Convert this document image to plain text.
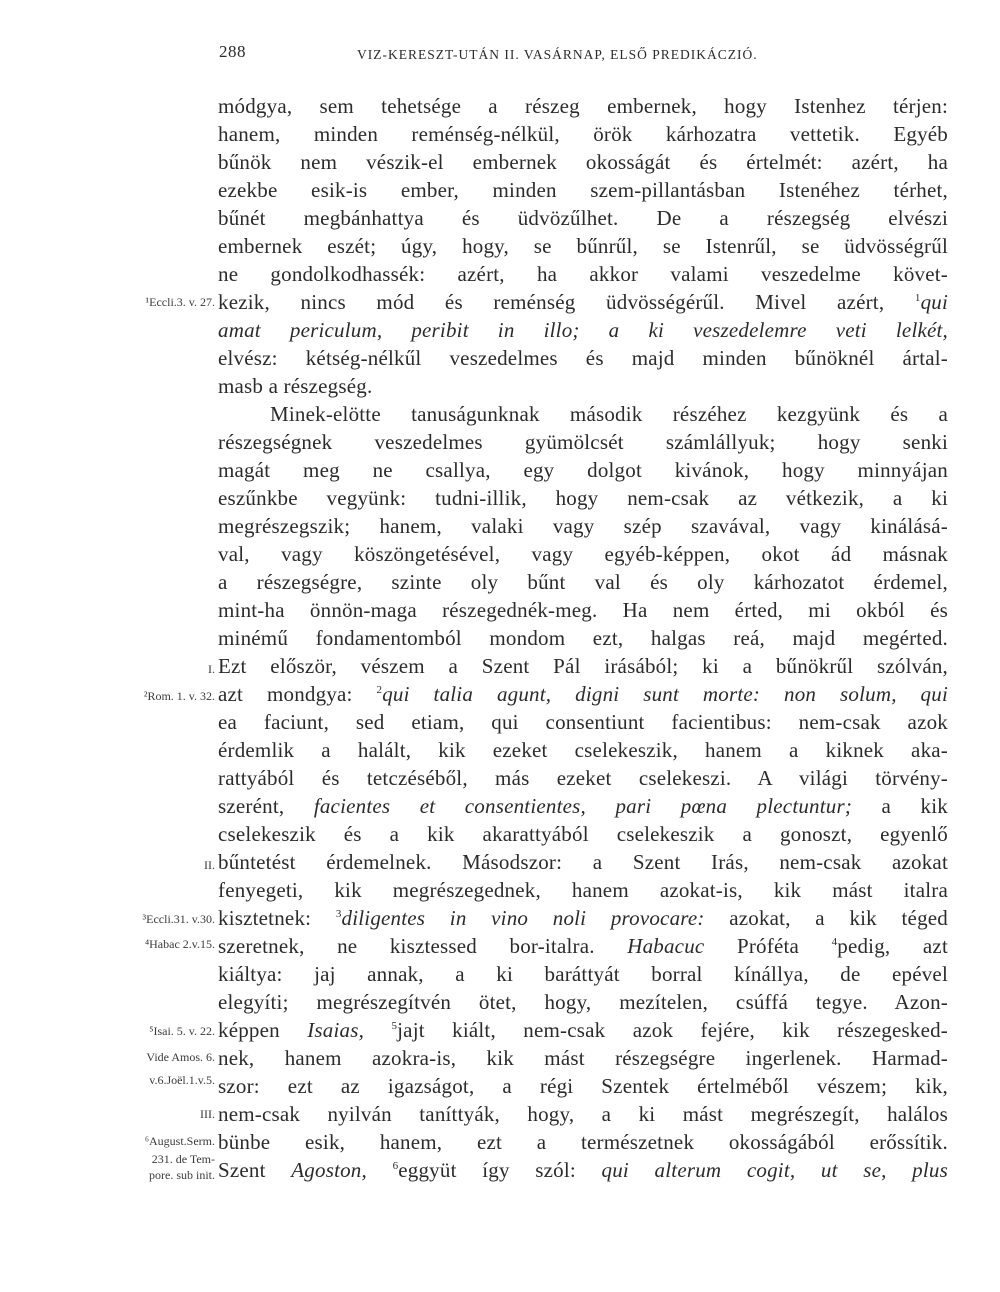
288	VIZ-KERESZT-UTÁN II. VASÁRNAP, ELSŐ PREDIKÁCZIÓ.
módgya, sem tehetsége a részeg embernek, hogy Istenhez térjen:
hanem, minden reménség-nélkül, örök kárhozatra vettetik. Egyéb
bűnök nem vészik-el embernek okosságát és értelmét: azért, ha
ezekbe esik-is ember, minden szem-pillantásban Istenéhez térhet,
bűnét megbánhattya és üdvözűlhet. De a részegség elvészi
embernek eszét; úgy, hogy, se bűnrűl, se Istenrűl, se üdvösségrűl
ne gondolkodhassék: azért, ha akkor valami veszedelme követ-
kezik, nincs mód és reménség üdvösségérűl. Mivel azért, $^1$qui
amat periculum, peribit in illo; a ki veszedelemre veti lelkét,
elvész: kétség-nélkűl veszedelmes és majd minden bűnöknél ártal-
masb a részegség.
Minek-elötte tanuságunknak második részéhez kezgyünk és a
részegségnek veszedelmes gyümölcsét számlállyuk; hogy senki
magát meg ne csallya, egy dolgot kivánok, hogy minnyájan
eszűnkbe vegyünk: tudni-illik, hogy nem-csak az vétkezik, a ki
megrészegszik; hanem, valaki vagy szép szavával, vagy kinálásá-
val, vagy köszöngetésével, vagy egyéb-képpen, okot ád másnak
a részegségre, szinte oly bűnt val és oly kárhozatot érdemel,
mint-ha önnön-maga részegednék-meg. Ha nem érted, mi okból és
minémű fondamentomból mondom ezt, halgas reá, majd megérted.
Ezt először, vészem a Szent Pál irásából; ki a bűnökrűl szólván,
azt mondgya: $^2$qui talia agunt, digni sunt morte: non solum, qui
ea faciunt, sed etiam, qui consentiunt facientibus: nem-csak azok
érdemlik a halált, kik ezeket cselekeszik, hanem a kiknek aka-
rattyából és tetczéséből, más ezeket cselekeszi. A világi törvény-
szerént, facientes et consentientes, pari pœna plectuntur; a kik
cselekeszik és a kik akarattyából cselekeszik a gonoszt, egyenlő
bűntetést érdemelnek. Másodszor: a Szent Irás, nem-csak azokat
fenyegeti, kik megrészegednek, hanem azokat-is, kik mást italra
kisztetnek: $^3$diligentes in vino noli provocare: azokat, a kik téged
szeretnek, ne kisztessed bor-italra. Habacuc Próféta $^4$pedig, azt
kiáltya: jaj annak, a ki baráttyát borral kínállya, de epével
elegyíti; megrészegítvén ötet, hogy, mezítelen, csúffá tegye. Azon-
képpen Isaias, $^5$jajt kiált, nem-csak azok fejére, kik részegesked-
nek, hanem azokra-is, kik mást részegségre ingerlenek. Harmad-
szor: ezt az igazságot, a régi Szentek értelméből vészem; kik,
nem-csak nyilván taníttyák, hogy, a ki mást megrészegít, halálos
bünbe esik, hanem, ezt a természetnek okosságából erőssítik.
Szent Agoston, $^6$eggyüt így szól: qui alterum cogit, ut se, plus
¹Eccli.3. v. 27.
I.
²Rom. 1. v. 32.
II.
³Eccli.31. v.30.
⁴Habac 2.v.15.
⁵Isai. 5. v. 22.
Vide Amos. 6.
v.6.Joël.1.v.5.
III.
⁶August.Serm.
231. de Tem-
pore. sub init.
